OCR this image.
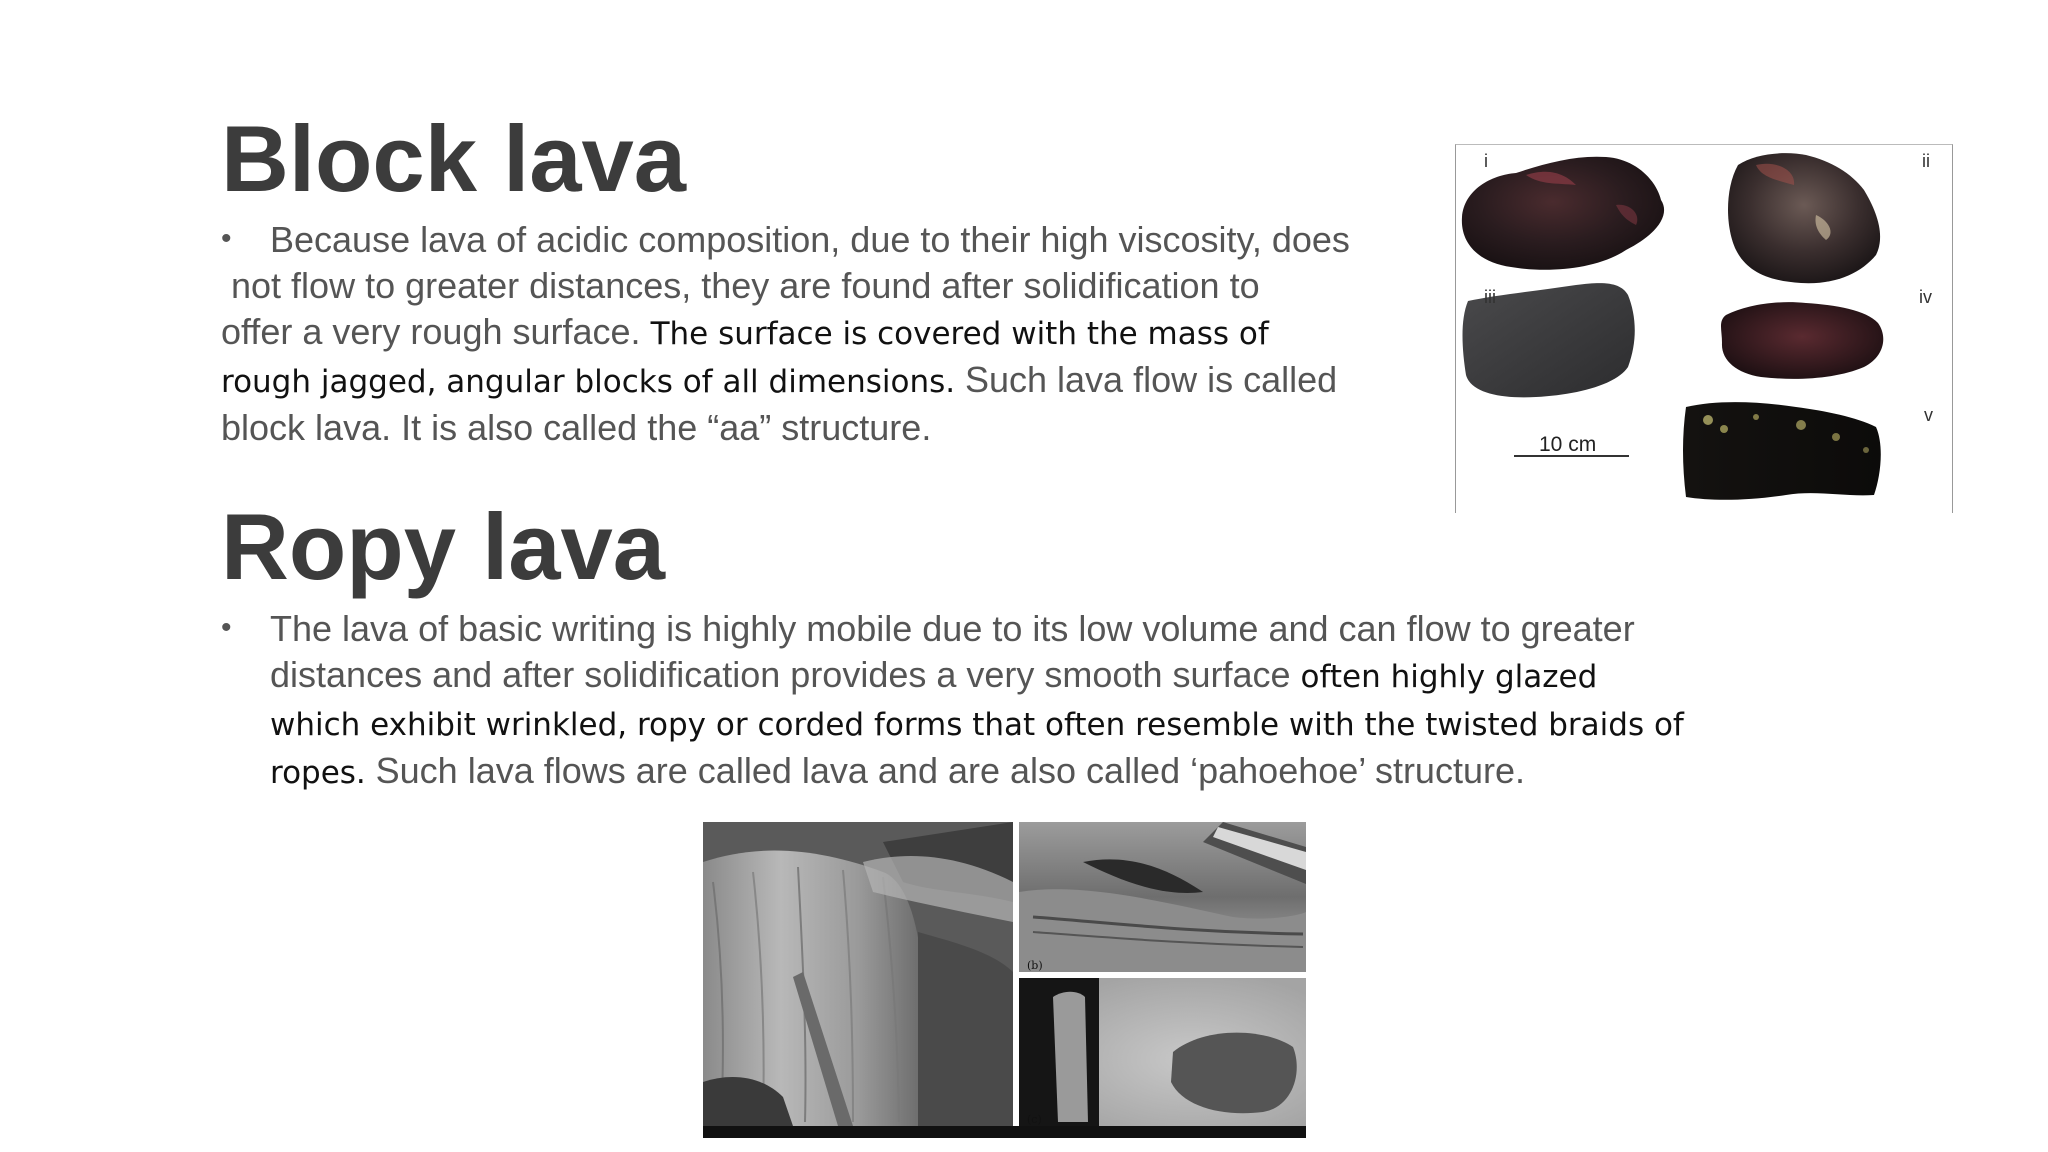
Block lava
•	Because lava of acidic composition, due to their high viscosity, does
not flow to greater distances, they are found after solidification to
offer a very rough surface. The surface is covered with the mass of
rough jagged, angular blocks of all dimensions. Such lava flow is called
block lava. It is also called the “aa” structure.
i	ii
iii	iv
v
10 cm
Ropy lava
• The lava of basic writing is highly mobile due to its low volume and can flow to greater
distances and after solidification provides a very smooth surface often highly glazed
which exhibit wrinkled, ropy or corded forms that often resemble with the twisted braids of
ropes. Such lava flows are called lava and are also called ‘pahoehoe’ structure.
(b)
(c)
